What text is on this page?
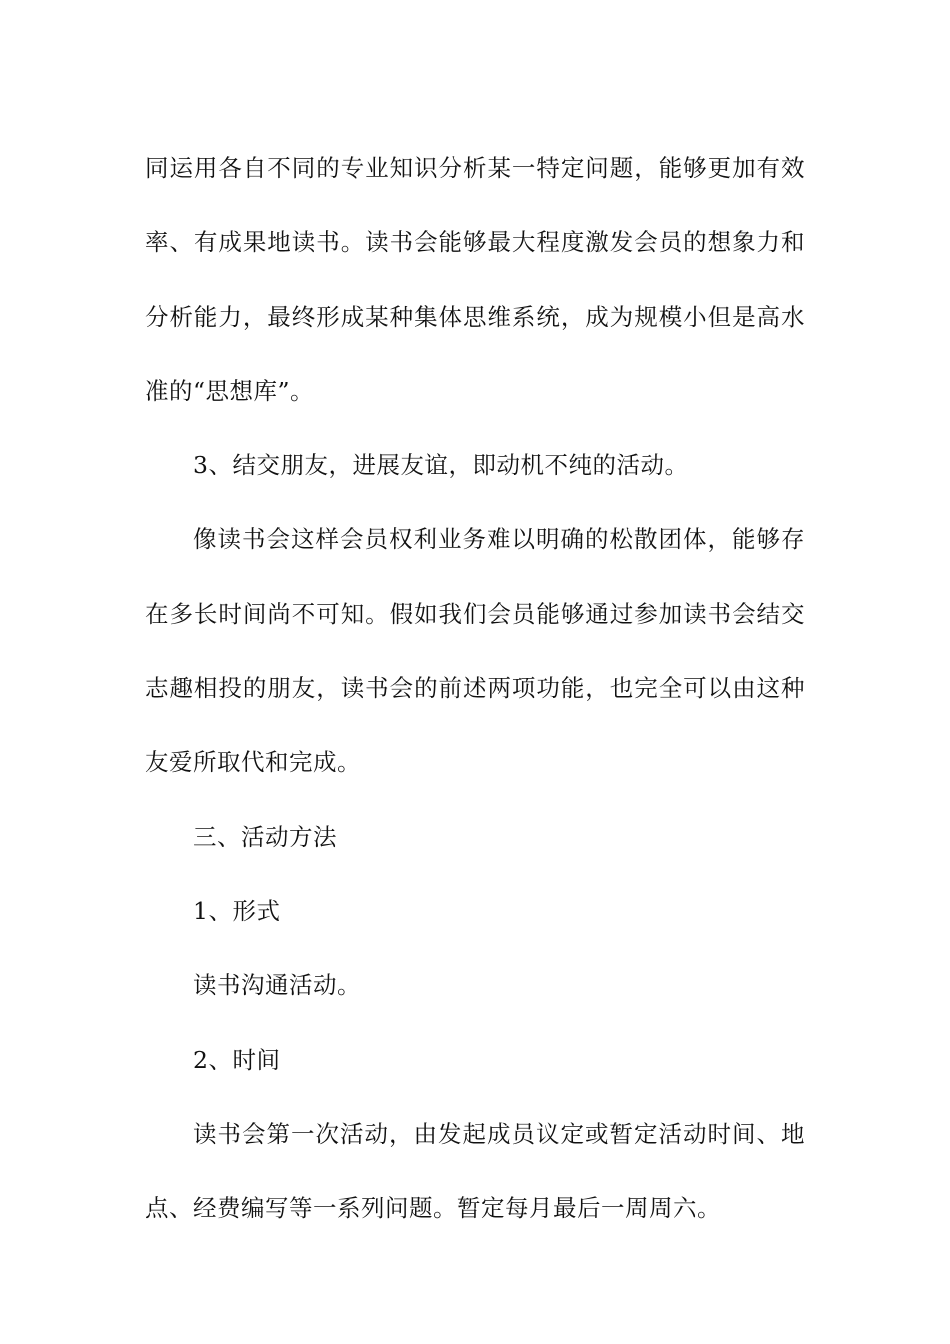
同运用各自不同的专业知识分析某一特定问题，能够更加有效
率、有成果地读书。读书会能够最大程度激发会员的想象力和
分析能力，最终形成某种集体思维系统，成为规模小但是高水
准的“思想库”。

3、结交朋友，进展友谊，即动机不纯的活动。

像读书会这样会员权利业务难以明确的松散团体，能够存
在多长时间尚不可知。假如我们会员能够通过参加读书会结交
志趣相投的朋友，读书会的前述两项功能，也完全可以由这种
友爱所取代和完成。

三、活动方法

1、形式

读书沟通活动。

2、时间

读书会第一次活动，由发起成员议定或暂定活动时间、地
点、经费编写等一系列问题。暂定每月最后一周周六。
